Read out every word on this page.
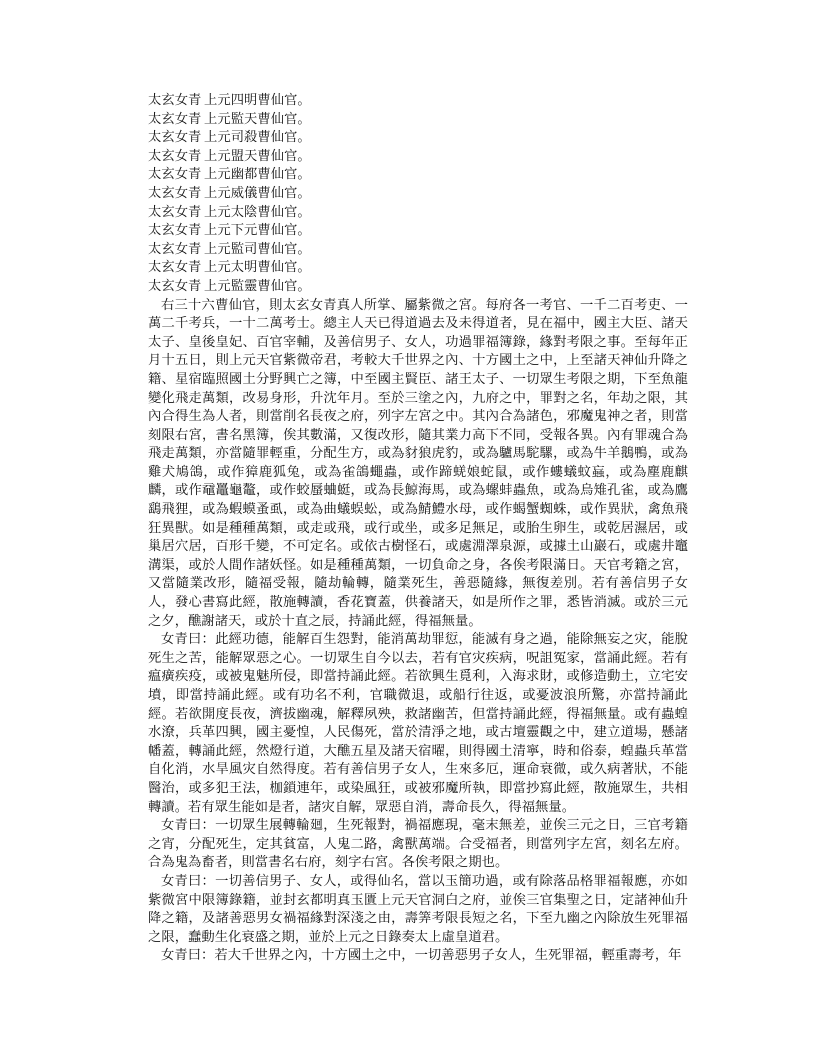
太玄女青 上元四明曹仙官。
太玄女青 上元監天曹仙官。
太玄女青 上元司殺曹仙官。
太玄女青 上元盟天曹仙官。
太玄女青 上元幽都曹仙官。
太玄女青 上元威儀曹仙官。
太玄女青 上元太陰曹仙官。
太玄女青 上元下元曹仙官。
太玄女青 上元監司曹仙官。
太玄女青 上元太明曹仙官。
太玄女青 上元監靈曹仙官。

右三十六曹仙官，則太玄女青真人所掌、屬紫微之宮。每府各一考官、一千二百考吏、一萬二千考兵，一十二萬考士。總主人天已得道過去及未得道者，見在福中，國主大臣、諸天太子、皇後皇妃、百官宰輔，及善信男子、女人，功過罪福簿錄，緣對考限之事。至每年正月十五日，則上元天官紫微帝君，考較大千世界之內、十方國土之中，上至諸天神仙升降之籍、星宿臨照國土分野興亡之簿，中至國主賢臣、諸王太子、一切眾生考限之期，下至魚龍變化飛走萬類，改易身形，升沈年月。至於三塗之內，九府之中，罪對之名，年劫之限，其內合得生為人者，則當削名長夜之府，列字左宮之中。其內合為諸色，邪魔鬼神之者，則當刻限右宮，書名黑簿，俟其數滿，又復改形，隨其業力高下不同，受報各異。內有罪魂合為飛走萬類，亦當隨罪輕重，分配生方，或為豺狼虎豹，或為驢馬駝騾，或為牛羊鵝鴨，或為雞犬鳩鴿，或作獐鹿狐兔，或為雀鴿蠅蟲，或作蹄蜣娘蛇鼠，或作螻蟻蚊蝱，或為塵鹿麒麟，或作黿鼉龜鼇，或作蛟蜃蛐蜓，或為長鯨海馬，或為螺蚌蟲魚，或為烏雉孔雀，或為鷹鷂飛狸，或為蝦蟆蚤虱，或為曲蟻蜈蚣，或為鯖鱧水母，或作蝎蟹蜘蛛，或作異狀，禽魚飛狂異獸。如是種種萬類，或走或飛，或行或坐，或多足無足，或胎生卵生，或乾居濕居，或巢居穴居，百形千變，不可定名。或依古樹怪石，或處淵澤泉源，或據土山巖石，或處井竈溝渠，或於人間作諸妖怪。如是種種萬類，一切負命之身，各俟考限滿日。天官考籍之宮，又當隨業改形，隨福受報，隨劫輪轉，隨業死生，善惡隨緣，無復差別。若有善信男子女人，發心書寫此經，散施轉讀，香花寶蓋，供養諸天，如是所作之罪，悉皆消滅。或於三元之夕，醮謝諸天，或於十直之辰，持誦此經，得福無量。

女青曰：此經功德，能解百生怨對，能消萬劫罪愆，能滅有身之過，能除無妄之灾，能脫死生之苦，能解眾惡之心。一切眾生自今以去，若有官灾疾病，呪詛冤家，當誦此經。若有瘟癀疾疫，或被鬼魅所侵，即當持誦此經。若欲興生覓利，入海求財，或修造動土，立宅安墳，即當持誦此經。或有功名不利，官職微退，或船行往返，或憂波浪所驚，亦當持誦此經。若欲開度長夜，濟拔幽魂，解釋夙殃，救諸幽苦，但當持誦此經，得福無量。或有蟲蝗水潦，兵革四興，國主憂惶，人民傷死，當於清淨之地，或古壇靈觀之中，建立道場，懸諸幡蓋，轉誦此經，然燈行道，大醮五星及諸天宿曜，則得國土清寧，時和俗泰，蝗蟲兵革當自化消，水旱風灾自然得度。若有善信男子女人，生來多厄，運命衰微，或久病著狀，不能醫治，或多犯王法，枷鎖連年，或染風狂，或被邪魔所執，即當抄寫此經，散施眾生，共相轉讀。若有眾生能如是者，諸灾自解，眾惡自消，壽命長久，得福無量。

女青曰：一切眾生展轉輪廻，生死報對，禍福應現，毫末無差，並俟三元之日，三官考籍之宵，分配死生，定其貧富，人鬼二路，禽獸萬端。合受福者，則當列字左宮，刻名左府。合為鬼為畜者，則當書名右府，刻字右宮。各俟考限之期也。

女青曰：一切善信男子、女人，或得仙名，當以玉簡功過，或有除落品格罪福報應，亦如紫微宮中限簿錄籍，並封玄都明真玉匱上元天官洞白之府，並俟三官集聖之日，定諸神仙升降之籍，及諸善惡男女禍福緣對深淺之由，壽筭考限長短之名，下至九幽之內除放生死罪福之限，蠢動生化衰盛之期，並於上元之日錄奏太上虛皇道君。

女青曰：若大千世界之內，十方國土之中，一切善惡男子女人，生死罪福，輕重壽考，年
